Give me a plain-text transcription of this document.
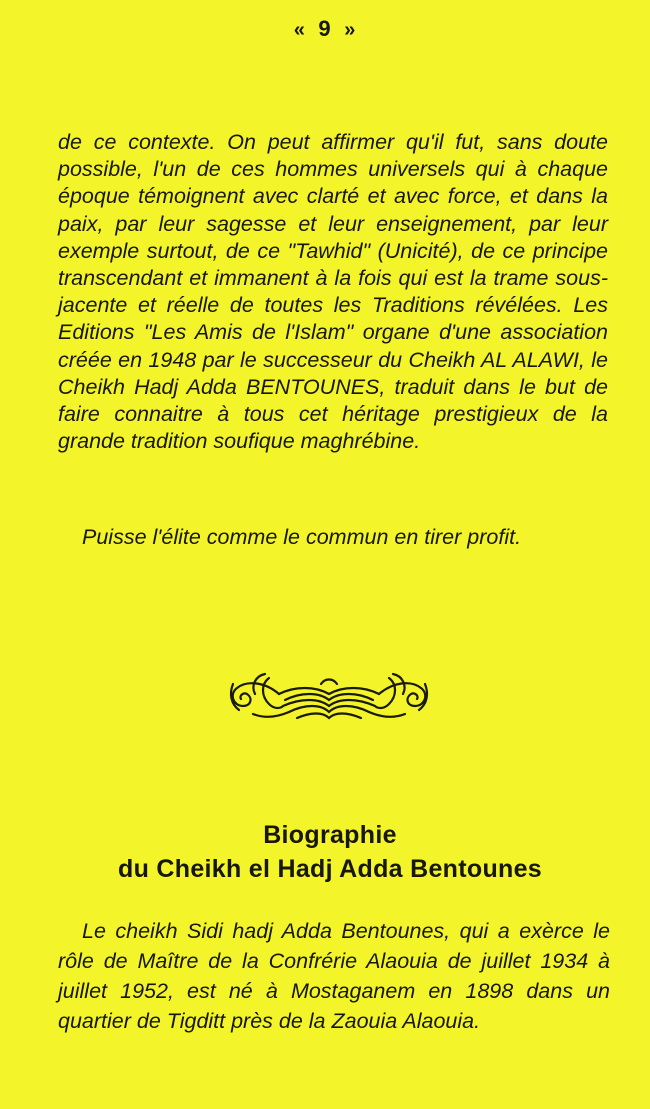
« 9 »

de ce contexte. On peut affirmer qu'il fut, sans doute possible, l'un de ces hommes universels qui à chaque époque témoignent avec clarté et avec force, et dans la paix, par leur sagesse et leur enseignement, par leur exemple surtout, de ce "Tawhid" (Unicité), de ce principe transcendant et immanent à la fois qui est la trame sous-jacente et réelle de toutes les Traditions révélées. Les Editions "Les Amis de l'Islam" organe d'une association créée en 1948 par le successeur du Cheikh AL ALAWI, le Cheikh Hadj Adda BENTOUNES, traduit dans le but de faire connaitre à tous cet héritage prestigieux de la grande tradition soufique maghrébine.

Puisse l'élite comme le commun en tirer profit.

Biographie
du Cheikh el Hadj Adda Bentounes

Le cheikh Sidi hadj Adda Bentounes, qui a exèrce le rôle de Maître de la Confrérie Alaouia de juillet 1934 à juillet 1952, est né à Mostaganem en 1898 dans un quartier de Tigditt près de la Zaouia Alaouia.
